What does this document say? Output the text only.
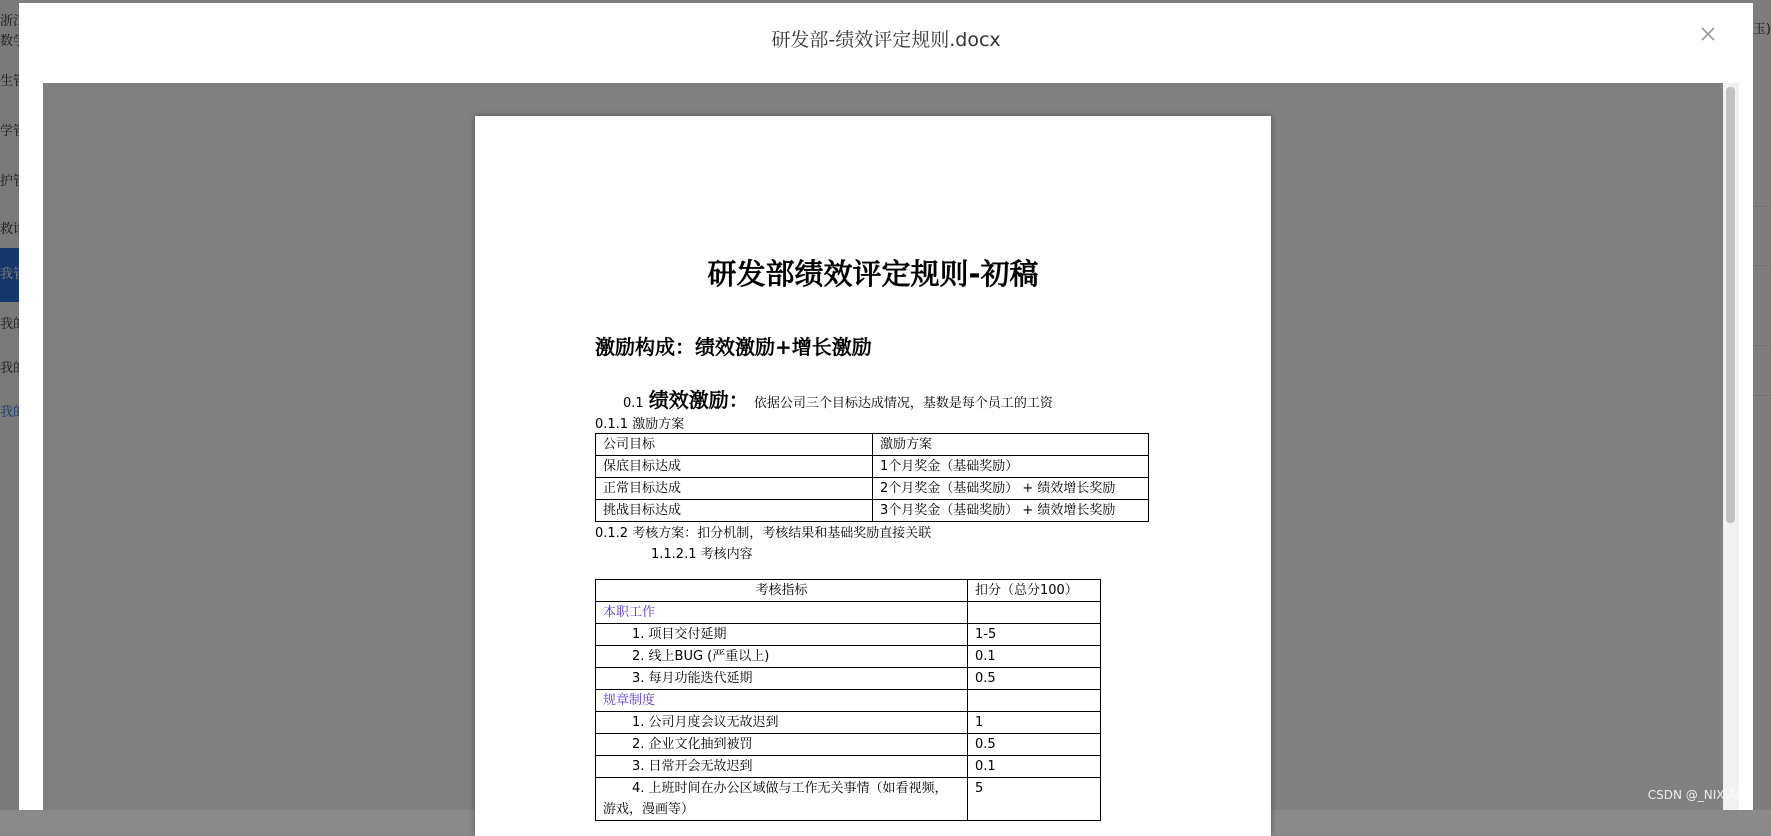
研发部-绩效评定规则.docx
研发部绩效评定规则-初稿
激励构成：绩效激励+增长激励
0.1 绩效激励： 依据公司三个目标达成情况，基数是每个员工的工资
0.1.1 激励方案
公司目标	激励方案
保底目标达成	1个月奖金（基础奖励）
正常目标达成	2个月奖金（基础奖励） + 绩效增长奖励
挑战目标达成	3个月奖金（基础奖励） + 绩效增长奖励
0.1.2 考核方案：扣分机制，考核结果和基础奖励直接关联
1.1.2.1 考核内容
考核指标	扣分（总分100）
本职工作	
1. 项目交付延期	1-5
2. 线上BUG (严重以上)	0.1
3. 每月功能迭代延期	0.5
规章制度	
1. 公司月度会议无故迟到	1
2. 企业文化抽到被罚	0.5
3. 日常开会无故迟到	0.1

4. 上班时间在办公区域做与工作无关事情（如看视频，
游戏，漫画等）	5	CSDN @_NIXIAKF
